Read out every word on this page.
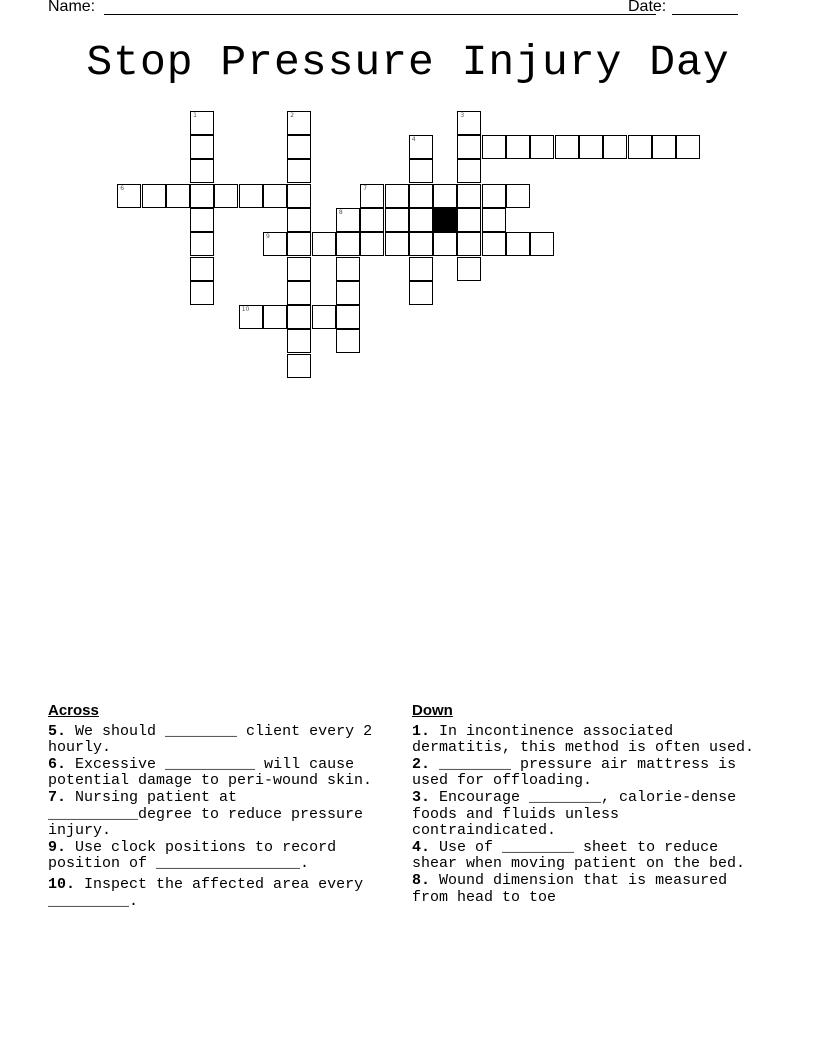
Name:	Date:
Stop Pressure Injury Day
1	2	3
4
6	7
8
9
10
Across
5. We should ________ client every 2 hourly.
6. Excessive __________ will cause potential damage to peri-wound skin.
7. Nursing patient at __________degree to reduce pressure injury.
9. Use clock positions to record position of ________________.
10. Inspect the affected area every _________.
Down
1. In incontinence associated dermatitis, this method is often used.
2. ________ pressure air mattress is used for offloading.
3. Encourage ________, calorie-dense foods and fluids unless contraindicated.
4. Use of ________ sheet to reduce shear when moving patient on the bed.
8. Wound dimension that is measured from head to toe
